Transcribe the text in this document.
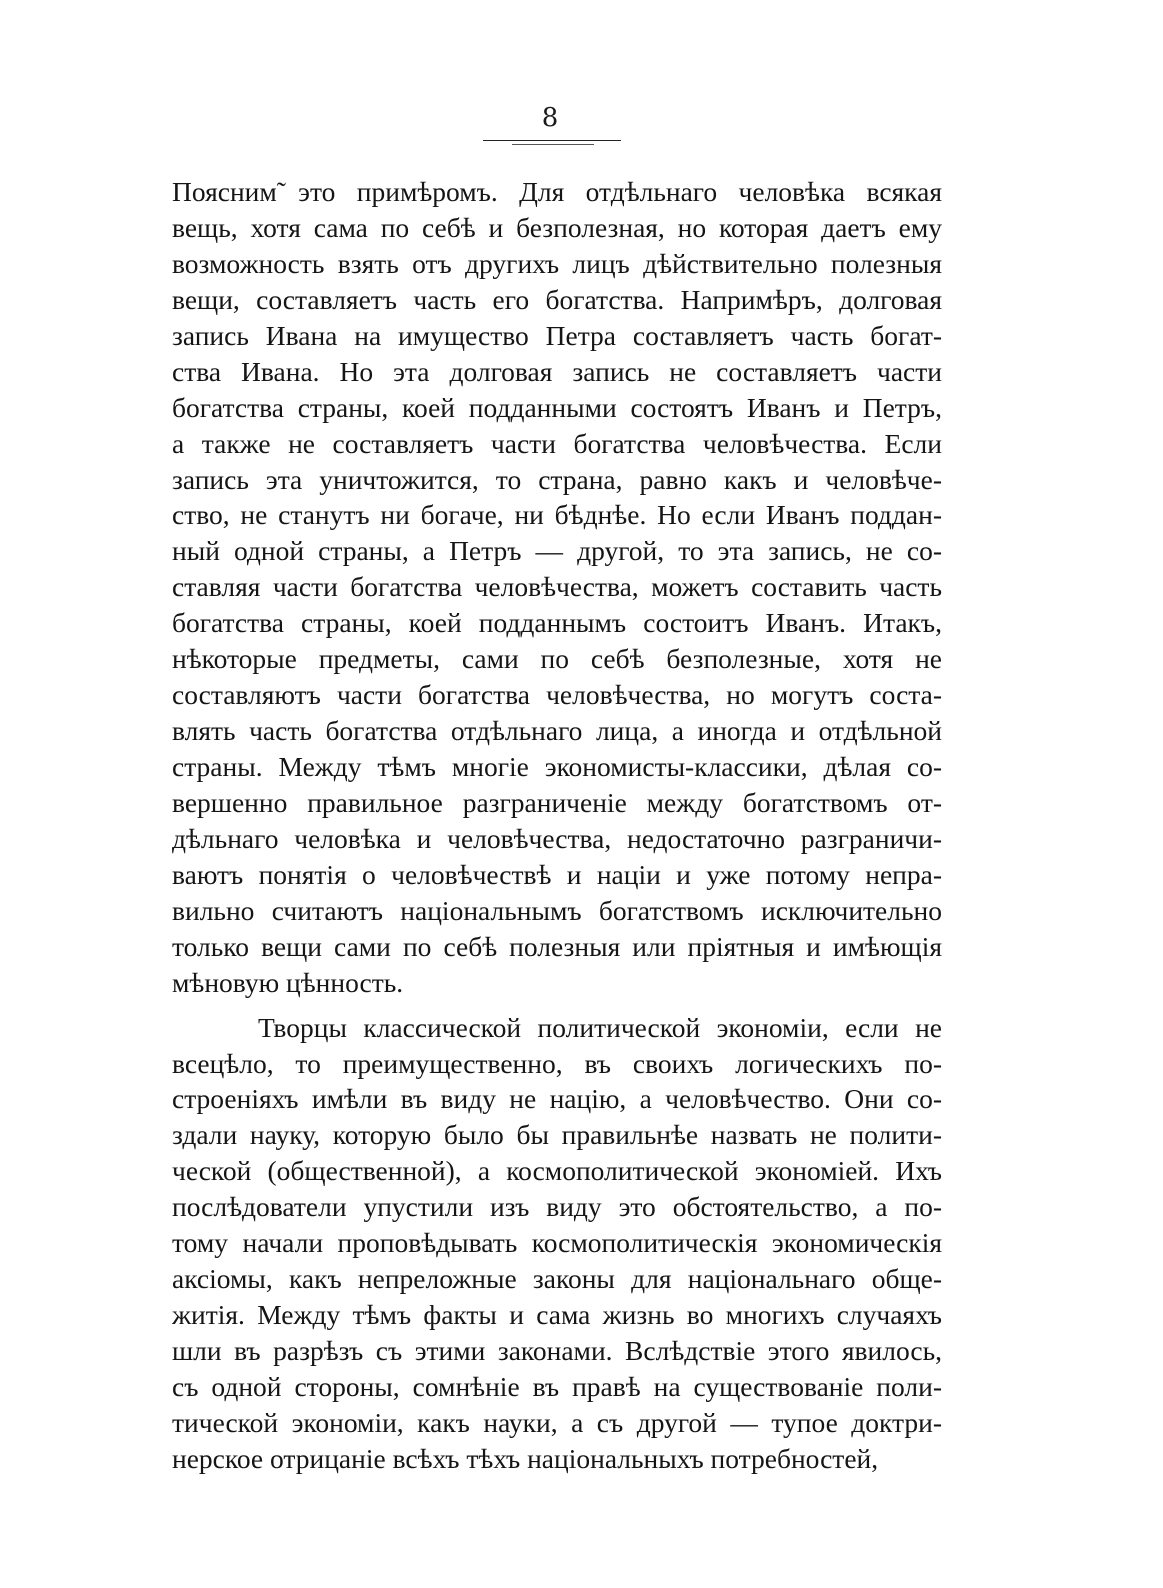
8
Поясним̃ это примѣромъ. Для отдѣльнаго человѣка всякая
вещь, хотя сама по себѣ и безполезная, но которая даетъ ему
возможность взять отъ другихъ лицъ дѣйствительно полезныя
вещи, составляетъ часть его богатства. Напримѣръ, долговая
запись Ивана на имущество Петра составляетъ часть богат-
ства Ивана. Но эта долговая запись не составляетъ части
богатства страны, коей подданными состоятъ Иванъ и Петръ,
а также не составляетъ части богатства человѣчества. Если
запись эта уничтожится, то страна, равно какъ и человѣче-
ство, не станутъ ни богаче, ни бѣднѣе. Но если Иванъ поддан-
ный одной страны, а Петръ — другой, то эта запись, не со-
ставляя части богатства человѣчества, можетъ составить часть
богатства страны, коей подданнымъ состоитъ Иванъ. Итакъ,
нѣкоторые предметы, сами по себѣ безполезные, хотя не
составляютъ части богатства человѣчества, но могутъ соста-
влять часть богатства отдѣльнаго лица, а иногда и отдѣльной
страны. Между тѣмъ многіе экономисты-классики, дѣлая со-
вершенно правильное разграниченіе между богатствомъ от-
дѣльнаго человѣка и человѣчества, недостаточно разграничи-
ваютъ понятія о человѣчествѣ и націи и уже потому непра-
вильно считаютъ національнымъ богатствомъ исключительно
только вещи сами по себѣ полезныя или пріятныя и имѣющія
мѣновую цѣнность.
Творцы классической политической экономіи, если не
всецѣло, то преимущественно, въ своихъ логическихъ по-
строеніяхъ имѣли въ виду не націю, а человѣчество. Они со-
здали науку, которую было бы правильнѣе назвать не полити-
ческой (общественной), а космополитической экономіей. Ихъ
послѣдователи упустили изъ виду это обстоятельство, а по-
тому начали проповѣдывать космополитическія экономическія
аксіомы, какъ непреложные законы для національнаго обще-
житія. Между тѣмъ факты и сама жизнь во многихъ случаяхъ
шли въ разрѣзъ съ этими законами. Вслѣдствіе этого явилось,
съ одной стороны, сомнѣніе въ правѣ на существованіе поли-
тической экономіи, какъ науки, а съ другой — тупое доктри-
нерское отрицаніе всѣхъ тѣхъ національныхъ потребностей,
